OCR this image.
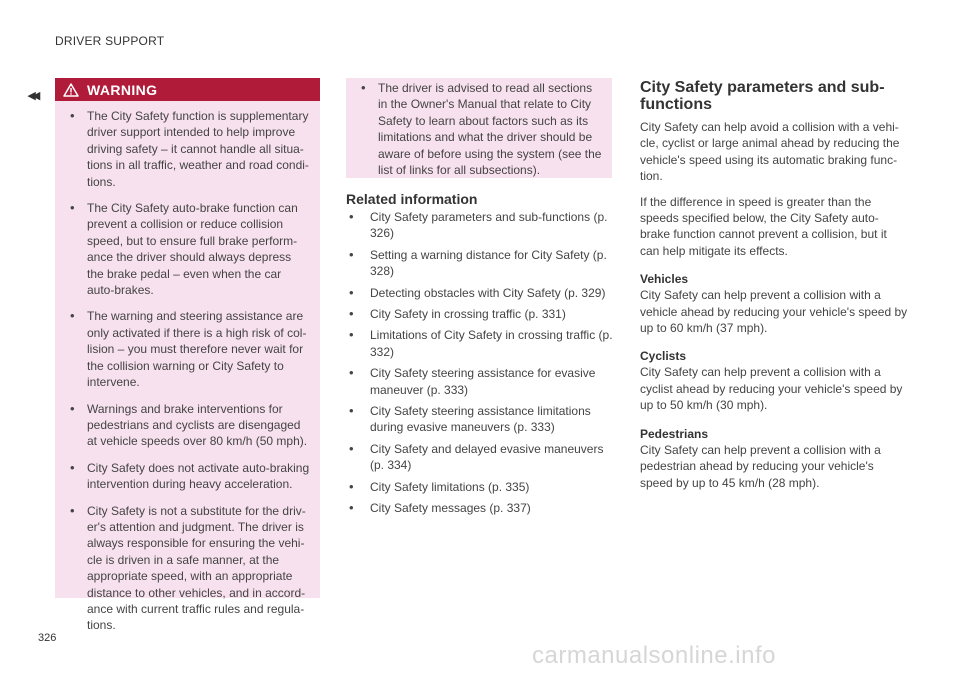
DRIVER SUPPORT
◂◂	WARNING
• The City Safety function is supplementary driver support intended to help improve driving safety – it cannot handle all situa-tions in all traffic, weather and road condi-tions.
• The City Safety auto-brake function can prevent a collision or reduce collision speed, but to ensure full brake perform-ance the driver should always depress the brake pedal – even when the car auto-brakes.
• The warning and steering assistance are only activated if there is a high risk of col-lision – you must therefore never wait for the collision warning or City Safety to intervene.
• Warnings and brake interventions for pedestrians and cyclists are disengaged at vehicle speeds over 80 km/h (50 mph).
• City Safety does not activate auto-braking intervention during heavy acceleration.
• City Safety is not a substitute for the driv-er's attention and judgment. The driver is always responsible for ensuring the vehi-cle is driven in a safe manner, at the appropriate speed, with an appropriate distance to other vehicles, and in accord-ance with current traffic rules and regula-tions.
• The driver is advised to read all sections in the Owner's Manual that relate to City Safety to learn about factors such as its limitations and what the driver should be aware of before using the system (see the list of links for all subsections).
Related information
• City Safety parameters and sub-functions (p. 326)
• Setting a warning distance for City Safety (p. 328)
• Detecting obstacles with City Safety (p. 329)
• City Safety in crossing traffic (p. 331)
• Limitations of City Safety in crossing traffic (p. 332)
• City Safety steering assistance for evasive maneuver (p. 333)
• City Safety steering assistance limitations during evasive maneuvers (p. 333)
• City Safety and delayed evasive maneuvers (p. 334)
• City Safety limitations (p. 335)
• City Safety messages (p. 337)
City Safety parameters and sub-functions

City Safety can help avoid a collision with a vehi-cle, cyclist or large animal ahead by reducing the vehicle's speed using its automatic braking func-tion.

If the difference in speed is greater than the speeds specified below, the City Safety auto-brake function cannot prevent a collision, but it can help mitigate its effects.

Vehicles

City Safety can help prevent a collision with a vehicle ahead by reducing your vehicle's speed by up to 60 km/h (37 mph).

Cyclists

City Safety can help prevent a collision with a cyclist ahead by reducing your vehicle's speed by up to 50 km/h (30 mph).

Pedestrians

City Safety can help prevent a collision with a pedestrian ahead by reducing your vehicle's speed by up to 45 km/h (28 mph).

326
carmanualsonline.info
